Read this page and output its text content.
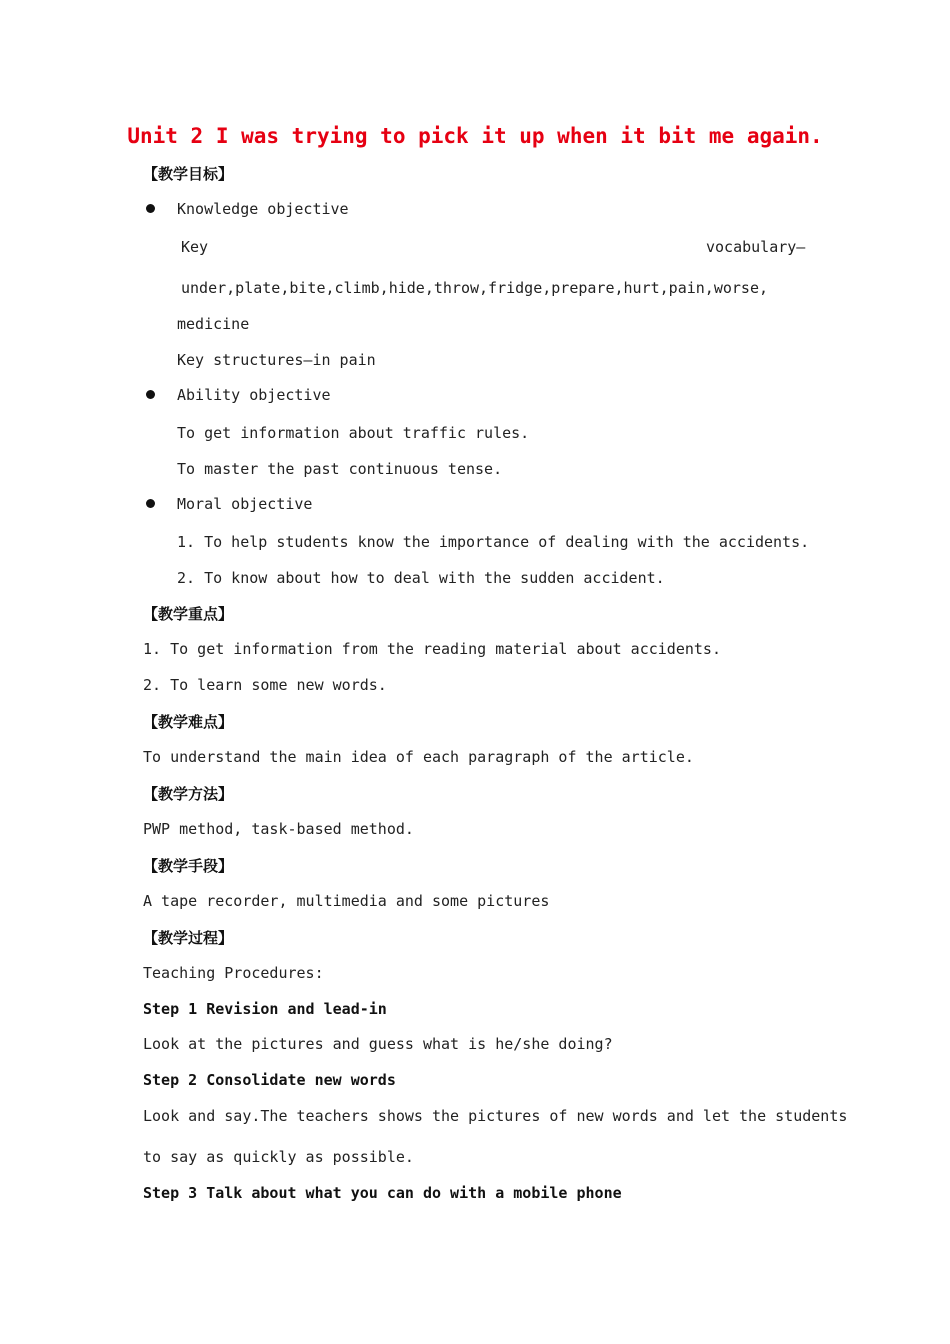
Unit 2 I was trying to pick it up when it bit me again.
【教学目标】
Knowledge objective
Key	vocabulary—
under,plate,bite,climb,hide,throw,fridge,prepare,hurt,pain,worse,
medicine
Key structures—in pain
Ability objective
To get information about traffic rules.
To master the past continuous tense.
Moral objective
1. To help students know the importance of dealing with the accidents.
2. To know about how to deal with the sudden accident.
【教学重点】
1. To get information from the reading material about accidents.
2. To learn some new words.
【教学难点】
To understand the main idea of each paragraph of the article.
【教学方法】
PWP method, task-based method.
【教学手段】
A tape recorder, multimedia and some pictures
【教学过程】
Teaching Procedures:
Step 1 Revision and lead-in
Look at the pictures and guess what is he/she doing?
Step 2 Consolidate new words
Look and say.The teachers shows the pictures of new words and let the students
to say as quickly as possible.
Step 3 Talk about what you can do with a mobile phone
